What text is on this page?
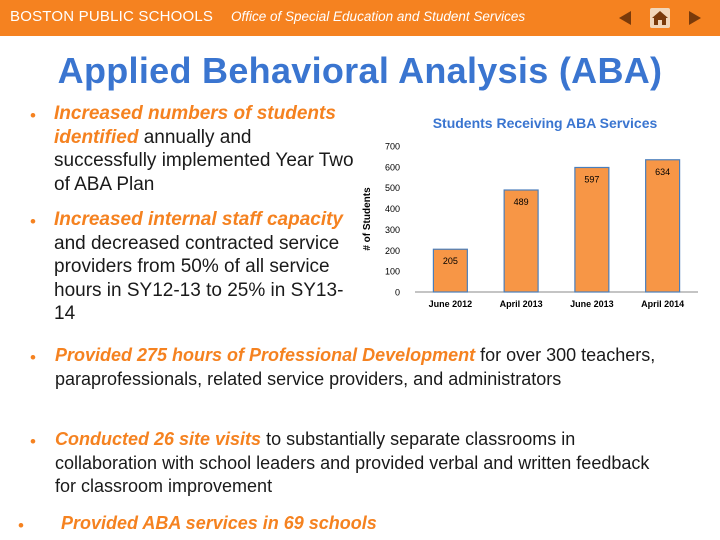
BOSTON PUBLIC SCHOOLS Office of Special Education and Student Services
Applied Behavioral Analysis (ABA)
• Increased numbers of students identified annually and successfully implemented Year Two of ABA Plan
• Increased internal staff capacity and decreased contracted service providers from 50% of all service hours in SY12-13 to 25% in SY13-14
Students Receiving ABA Services
# of Students
0
100
200
300
400
500
600
700
205
June 2012
489
April 2013
597
June 2013
634
April 2014
• Provided 275 hours of Professional Development for over 300 teachers, paraprofessionals, related service providers, and administrators
• Conducted 26 site visits to substantially separate classrooms in collaboration with school leaders and provided verbal and written feedback for classroom improvement
• Provided ABA services in 69 schools
